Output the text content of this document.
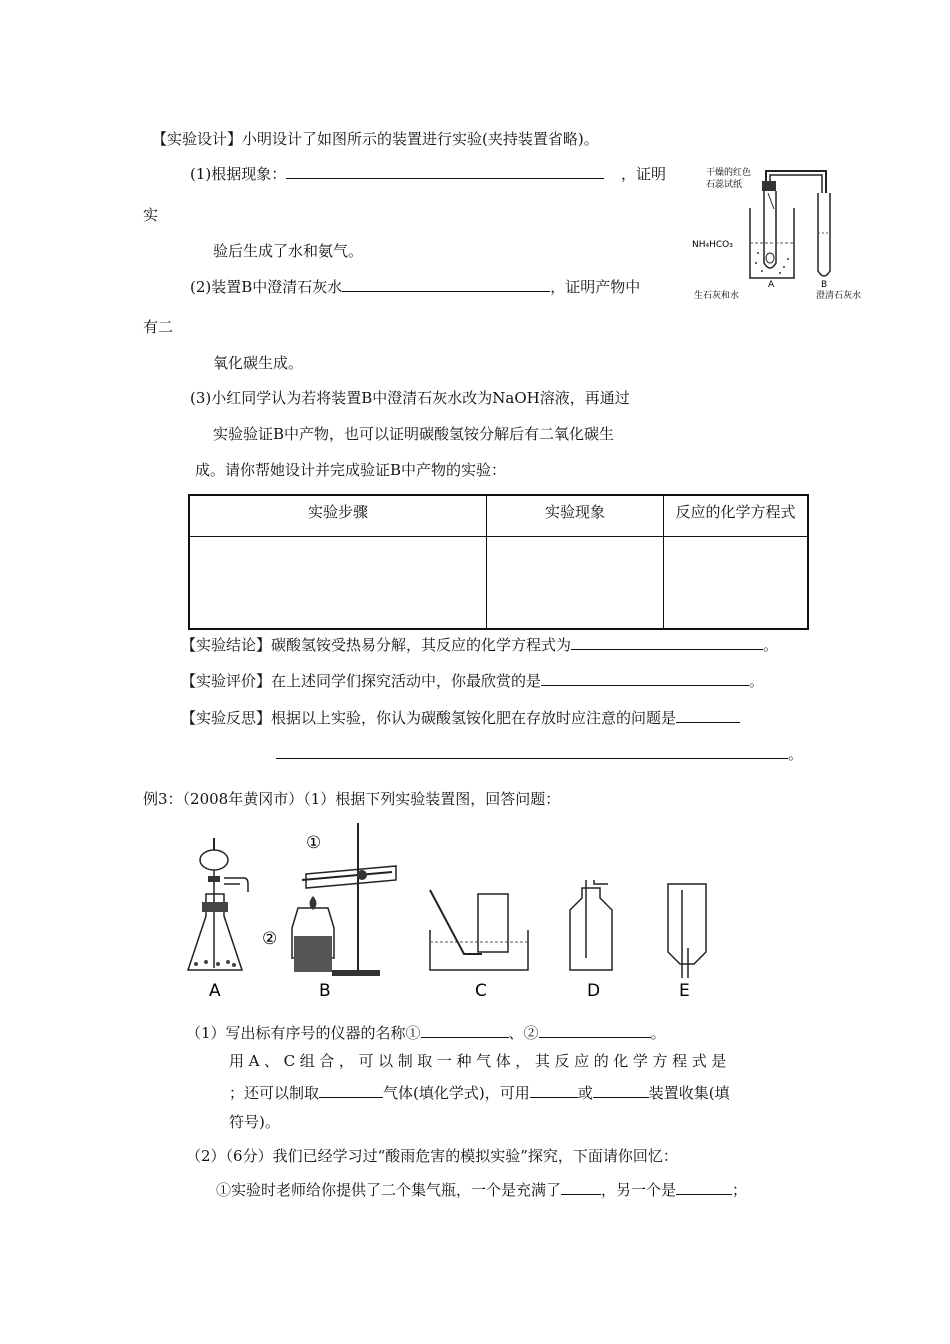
【实验设计】小明设计了如图所示的装置进行实验(夹持装置省略)。
(1)根据现象：	，证明
实
验后生成了水和氨气。
(2)装置B中澄清石灰水	，证明产物中
有二
氧化碳生成。
(3)小红同学认为若将装置B中澄清石灰水改为NaOH溶液，再通过
实验验证B中产物，也可以证明碳酸氢铵分解后有二氧化碳生
成。请你帮她设计并完成验证B中产物的实验：
干燥的红色
石蕊试纸
NH₄HCO₃
A	B
生石灰和水	澄清石灰水
实验步骤	实验现象	反应的化学方程式

【实验结论】碳酸氢铵受热易分解，其反应的化学方程式为	。
【实验评价】在上述同学们探究活动中，你最欣赏的是	。
【实验反思】根据以上实验，你认为碳酸氢铵化肥在存放时应注意的问题是
。
例3：（2008年黄冈市）（1）根据下列实验装置图，回答问题：
①
②
A	B	C	D	E
（1）写出标有序号的仪器的名称①	、②	。
用A、C组合，可以制取一种气体，其反应的化学方程式是
；还可以制取	气体(填化学式)，可用	或	装置收集(填
符号)。
（2）（6分）我们已经学习过“酸雨危害的模拟实验”探究，下面请你回忆：
①实验时老师给你提供了二个集气瓶，一个是充满了	，另一个是	；
